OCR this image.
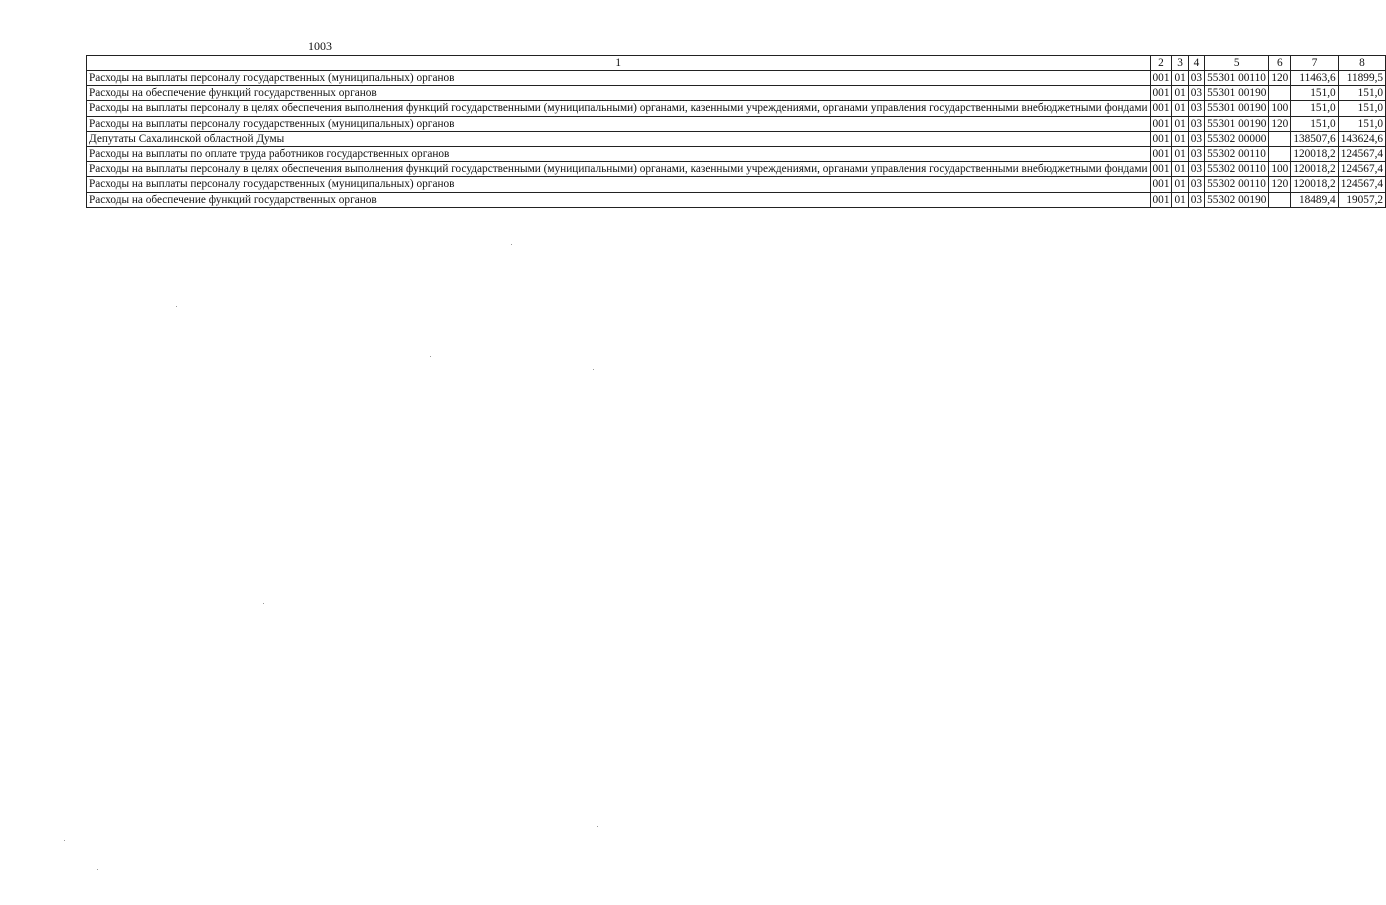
1003
1	2	3	4	5	6	7	8
Расходы на выплаты персоналу государственных (муниципальных) органов	001	01	03	55301 00110	120	11463,6	11899,5
Расходы на обеспечение функций государственных органов	001	01	03	55301 00190		151,0	151,0
Расходы на выплаты персоналу в целях обеспечения выполнения функций государственными (муниципальными) органами, казенными учреждениями, органами управления государственными внебюджетными фондами	001	01	03	55301 00190	100	151,0	151,0
Расходы на выплаты персоналу государственных (муниципальных) органов	001	01	03	55301 00190	120	151,0	151,0
Депутаты Сахалинской областной Думы	001	01	03	55302 00000		138507,6	143624,6
Расходы на выплаты по оплате труда работников государственных органов	001	01	03	55302 00110		120018,2	124567,4
Расходы на выплаты персоналу в целях обеспечения выполнения функций государственными (муниципальными) органами, казенными учреждениями, органами управления государственными внебюджетными фондами	001	01	03	55302 00110	100	120018,2	124567,4
Расходы на выплаты персоналу государственных (муниципальных) органов	001	01	03	55302 00110	120	120018,2	124567,4
Расходы на обеспечение функций государственных органов	001	01	03	55302 00190		18489,4	19057,2
